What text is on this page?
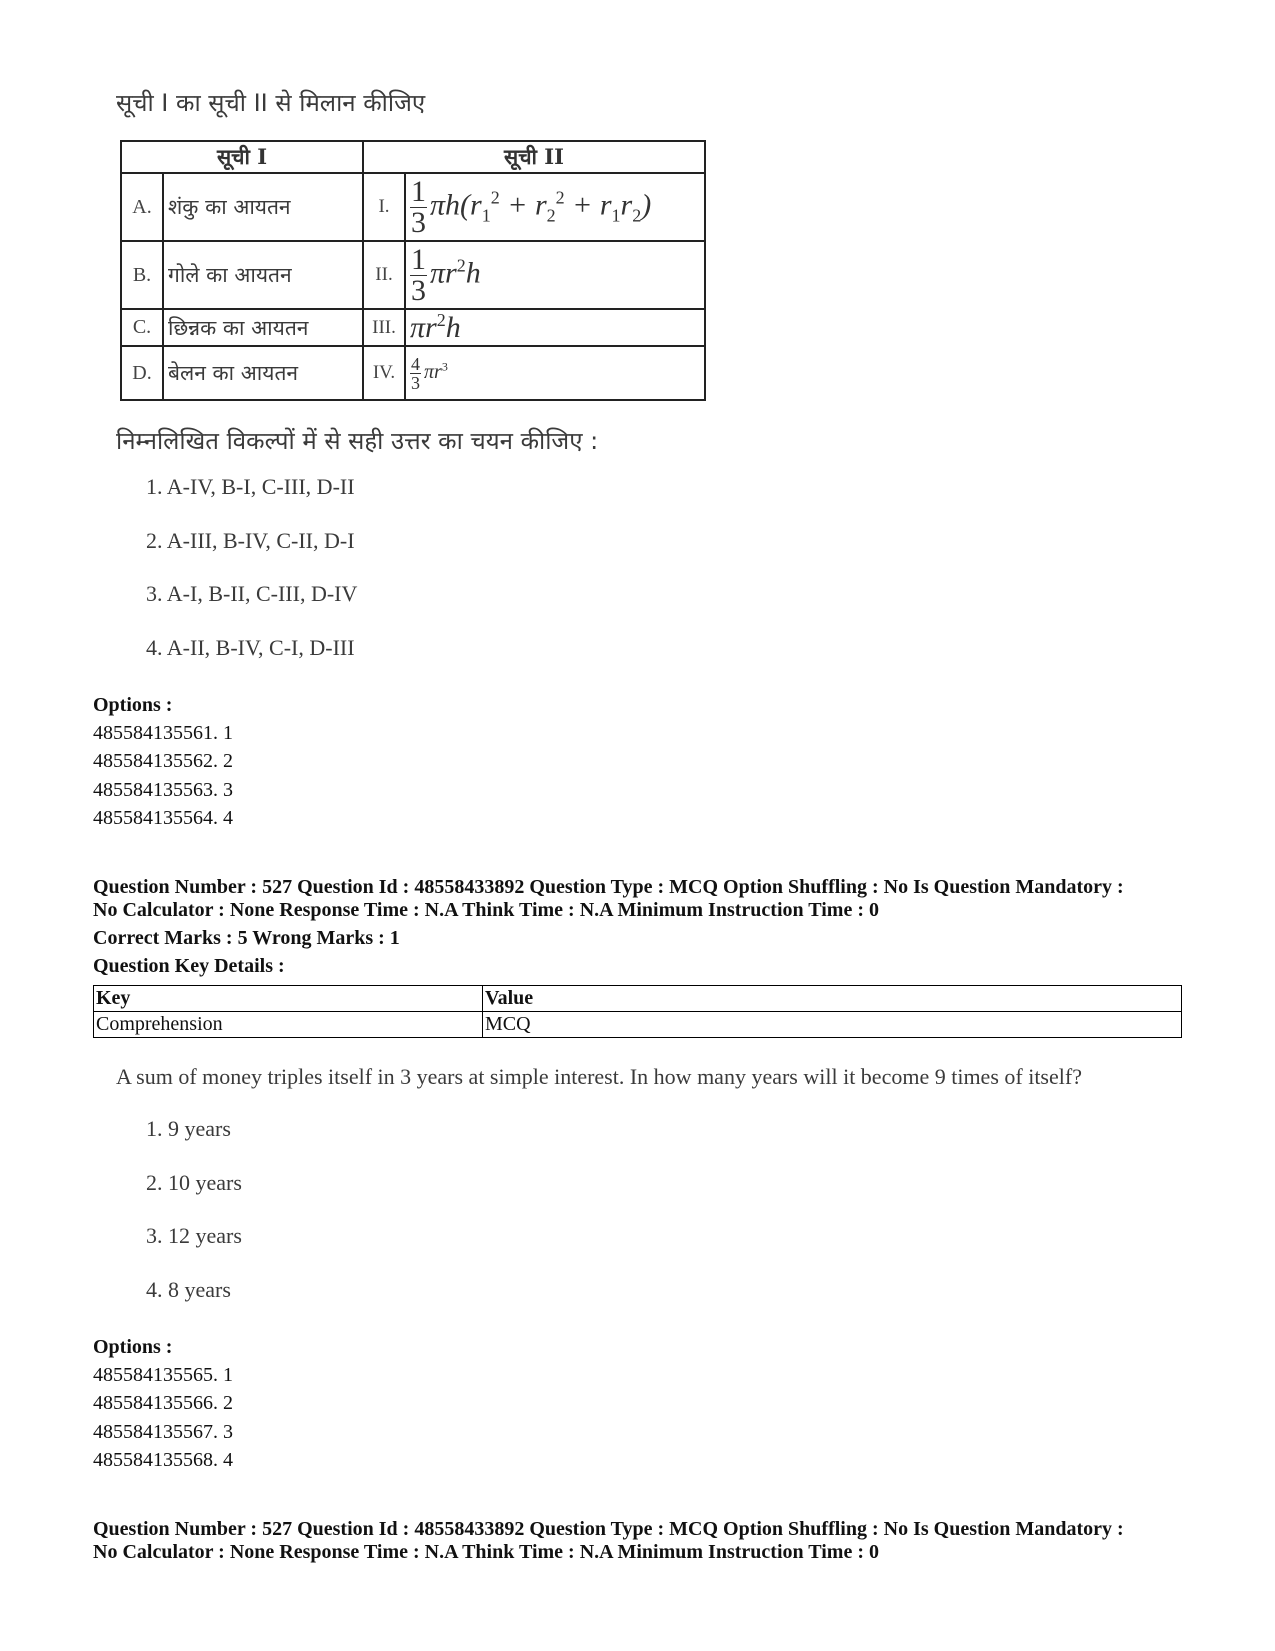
सूची I का सूची II से मिलान कीजिए
सूची I		सूची II	
A.	शंकु का आयतन	I.	$\frac{1}{3} \pi h(r_1^2 + r_2^2 + r_1r_2)$
B.	गोले का आयतन	II.	$\frac{1}{3} \pi r^2h$
C.	छिन्नक का आयतन	III.	$\pi r^2h$
D.	बेलन का आयतन	IV.	$\frac{4}{3} \pi r^3$
निम्नलिखित विकल्पों में से सही उत्तर का चयन कीजिए :
1. A-IV, B-I, C-III, D-II
2. A-III, B-IV, C-II, D-I
3. A-I, B-II, C-III, D-IV
4. A-II, B-IV, C-I, D-III
Options :
485584135561. 1
485584135562. 2
485584135563. 3
485584135564. 4
Question Number : 527 Question Id : 48558433892 Question Type : MCQ Option Shuffling : No Is Question Mandatory :
No Calculator : None Response Time : N.A Think Time : N.A Minimum Instruction Time : 0
Correct Marks : 5 Wrong Marks : 1
Question Key Details :
Key	Value
Comprehension	MCQ
A sum of money triples itself in 3 years at simple interest. In how many years will it become 9 times of itself?
1. 9 years
2. 10 years
3. 12 years
4. 8 years
Options :
485584135565. 1
485584135566. 2
485584135567. 3
485584135568. 4
Question Number : 527 Question Id : 48558433892 Question Type : MCQ Option Shuffling : No Is Question Mandatory :
No Calculator : None Response Time : N.A Think Time : N.A Minimum Instruction Time : 0
